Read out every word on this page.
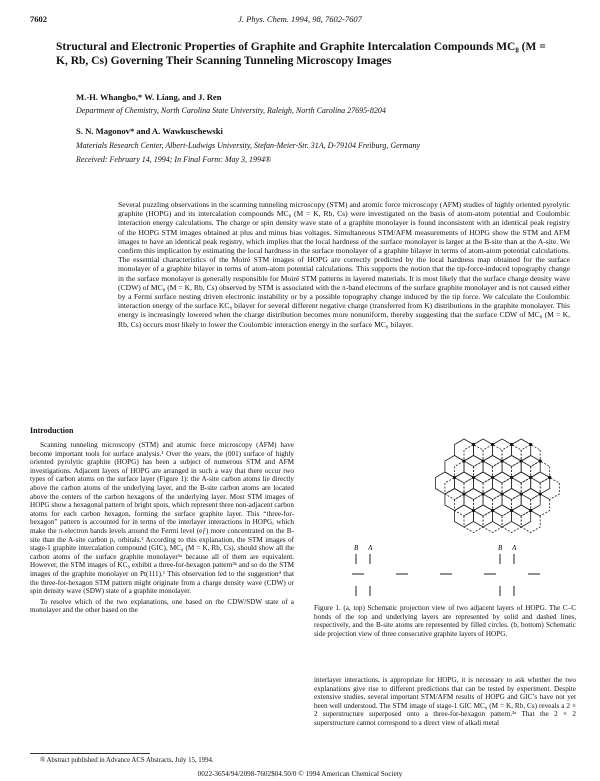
7602	J. Phys. Chem. 1994, 98, 7602-7607
Structural and Electronic Properties of Graphite and Graphite Intercalation Compounds MC₈ (M = K, Rb, Cs) Governing Their Scanning Tunneling Microscopy Images
M.-H. Whangbo,* W. Liang, and J. Ren
Department of Chemistry, North Carolina State University, Raleigh, North Carolina 27695-8204
S. N. Magonov* and A. Wawkuschewski
Materials Research Center, Albert-Ludwigs University, Stefan-Meier-Str. 31A, D-79104 Freiburg, Germany
Received: February 14, 1994; In Final Form: May 3, 1994®
Several puzzling observations in the scanning tunneling microscopy (STM) and atomic force microscopy (AFM) studies of highly oriented pyrolytic graphite (HOPG) and its intercalation compounds MC₈ (M = K, Rb, Cs) were investigated on the basis of atom-atom potential and Coulombic interaction energy calculations. The charge or spin density wave state of a graphite monolayer is found inconsistent with an identical peak registry of the HOPG STM images obtained at plus and minus bias voltages. Simultaneous STM/AFM measurements of HOPG show the STM and AFM images to have an identical peak registry, which implies that the local hardness of the surface monolayer is larger at the B-site than at the A-site. We confirm this implication by estimating the local hardness in the surface monolayer of a graphite bilayer in terms of atom-atom potential calculations. The essential characteristics of the Moiré STM images of HOPG are correctly predicted by the local hardness map obtained for the surface monolayer of a graphite bilayer in terms of atom-atom potential calculations. This supports the notion that the tip-force-induced topography change in the surface monolayer is generally responsible for Moiré STM patterns in layered materials. It is most likely that the surface charge density wave (CDW) of MC₈ (M = K, Rb, Cs) observed by STM is associated with the π-band electrons of the surface graphite monolayer and is not caused either by a Fermi surface nesting driven electronic instability or by a possible topography change induced by the tip force. We calculate the Coulombic interaction energy of the surface KC₈ bilayer for several different negative charge (transferred from K) distributions in the graphite monolayer. This energy is increasingly lowered when the charge distribution becomes more nonuniform, thereby suggesting that the surface CDW of MC₈ (M = K, Rb, Cs) occurs most likely to lower the Coulombic interaction energy in the surface MC₈ bilayer.
Introduction

Scanning tunneling microscopy (STM) and atomic force microscopy (AFM) have become important tools for surface analysis.¹ Over the years, the (001) surface of highly oriented pyrolytic graphite (HOPG) has been a subject of numerous STM and AFM investigations. Adjacent layers of HOPG are arranged in such a way that there occur two types of carbon atoms on the surface layer (Figure 1): the A-site carbon atoms lie directly above the carbon atoms of the underlying layer, and the B-site carbon atoms are located above the centers of the carbon hexagons of the underlying layer. Most STM images of HOPG show a hexagonal pattern of bright spots, which represent three non-adjacent carbon atoms for each carbon hexagon, forming the surface graphite layer. This “three-for-hexagon” pattern is accounted for in terms of the interlayer interactions in HOPG, which make the π-electron bands levels around the Fermi level (eƒ) more concentrated on the B-site than the A-site carbon pₓ orbitals.² According to this explanation, the STM images of stage-1 graphite intercalation compound (GIC), MC₈ (M = K, Rb, Cs), should show all the carbon atoms of the surface graphite monolayer³ᵃ because all of them are equivalent. However, the STM images of KC₈ exhibit a three-for-hexagon pattern³ᵇ and so do the STM images of the graphite monolayer on Pt(111).¹ This observation led to the suggestion⁴ that the three-for-hexagon STM pattern might originate from a charge density wave (CDW) or spin density wave (SDW) state of a graphite monolayer.

To resolve which of the two explanations, one based on the CDW/SDW state of a monolayer and the other based on the

B A	B A
Figure 1. (a, top) Schematic projection view of two adjacent layers of HOPG. The C–C bonds of the top and underlying layers are represented by solid and dashed lines, respectively, and the B-site atoms are represented by filled circles. (b, bottom) Schematic side projection view of three consecutive graphite layers of HOPG.
interlayer interactions, is appropriate for HOPG, it is necessary to ask whether the two explanations give rise to different predictions that can be tested by experiment. Despite extensive studies, several important STM/AFM results of HOPG and GIC’s have not yet been well understood. The STM image of stage-1 GIC MC₈ (M = K, Rb, Cs) reveals a 2 × 2 superstructure superposed onto a three-for-hexagon pattern.³ᵃ That the 2 × 2 superstructure cannot correspond to a direct view of alkali metal
® Abstract published in Advance ACS Abstracts, July 15, 1994.
0022-3654/94/2098-7602$04.50/0 © 1994 American Chemical Society
